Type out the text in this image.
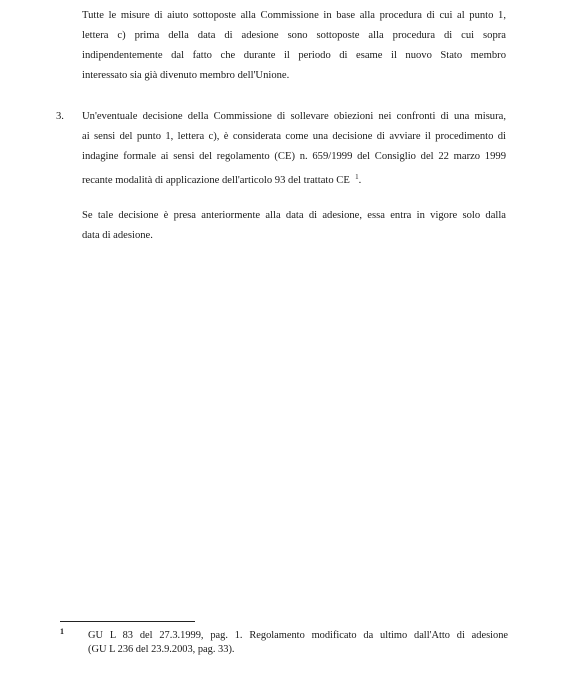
Tutte le misure di aiuto sottoposte alla Commissione in base alla procedura di cui al punto 1,
lettera c) prima della data di adesione sono sottoposte alla procedura di cui sopra
indipendentemente dal fatto che durante il periodo di esame il nuovo Stato membro
interessato sia già divenuto membro dell'Unione.
3. Un'eventuale decisione della Commissione di sollevare obiezioni nei confronti di una misura,
ai sensi del punto 1, lettera c), è considerata come una decisione di avviare il procedimento di
indagine formale ai sensi del regolamento (CE) n. 659/1999 del Consiglio del 22 marzo 1999
recante modalità di applicazione dell'articolo 93 del trattato CE $^1$.
Se tale decisione è presa anteriormente alla data di adesione, essa entra in vigore solo dalla
data di adesione.
1 GU L 83 del 27.3.1999, pag. 1. Regolamento modificato da ultimo dall'Atto di adesione
(GU L 236 del 23.9.2003, pag. 33).
